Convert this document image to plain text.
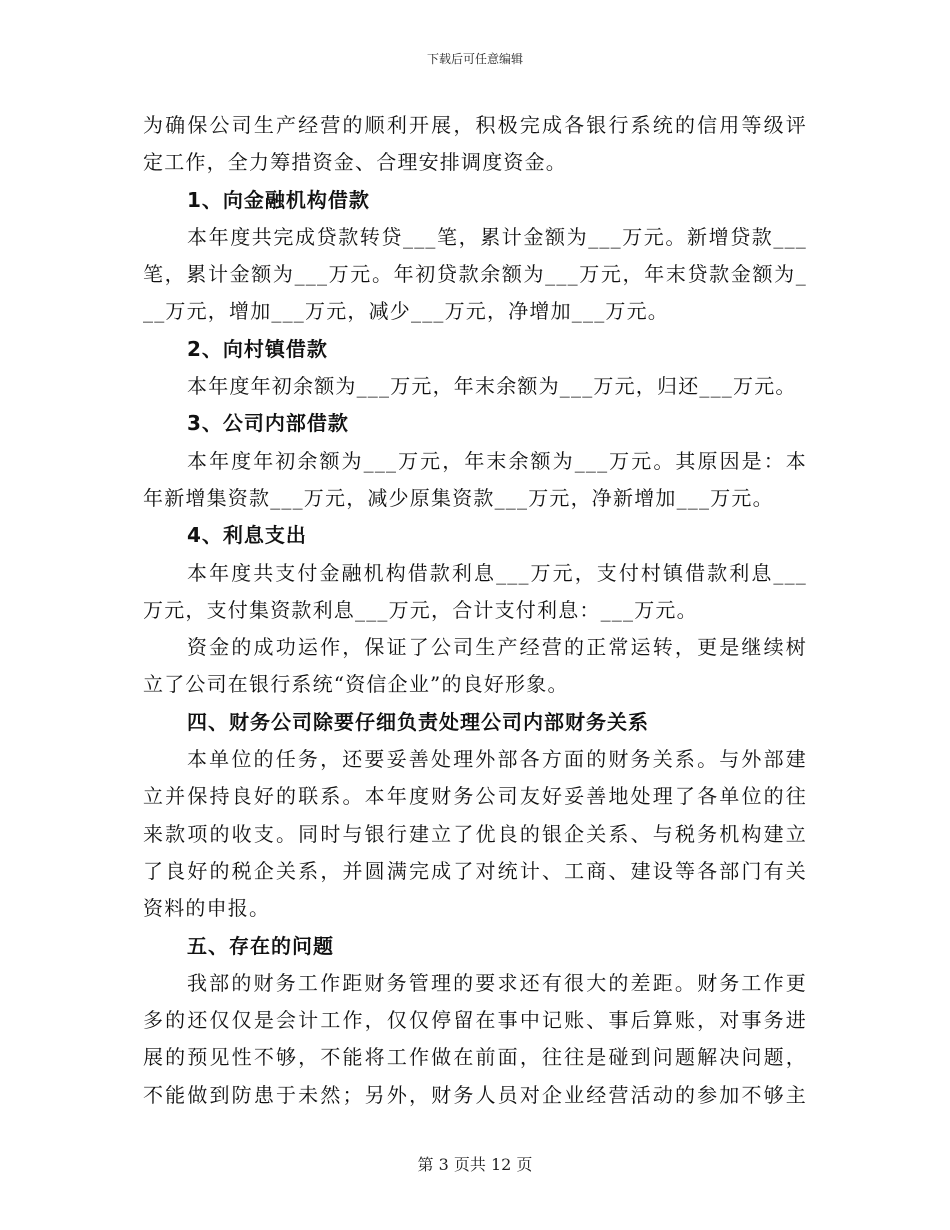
下载后可任意编辑
为确保公司生产经营的顺利开展，积极完成各银行系统的信用等级评
定工作，全力筹措资金、合理安排调度资金。
1、向金融机构借款
本年度共完成贷款转贷___笔，累计金额为___万元。新增贷款___
笔，累计金额为___万元。年初贷款余额为___万元，年末贷款金额为_
__万元，增加___万元，减少___万元，净增加___万元。
2、向村镇借款
本年度年初余额为___万元，年末余额为___万元，归还___万元。
3、公司内部借款
本年度年初余额为___万元，年末余额为___万元。其原因是：本
年新增集资款___万元，减少原集资款___万元，净新增加___万元。
4、利息支出
本年度共支付金融机构借款利息___万元，支付村镇借款利息___
万元，支付集资款利息___万元，合计支付利息：___万元。
资金的成功运作，保证了公司生产经营的正常运转，更是继续树
立了公司在银行系统“资信企业”的良好形象。
四、财务公司除要仔细负责处理公司内部财务关系
本单位的任务，还要妥善处理外部各方面的财务关系。与外部建
立并保持良好的联系。本年度财务公司友好妥善地处理了各单位的往
来款项的收支。同时与银行建立了优良的银企关系、与税务机构建立
了良好的税企关系，并圆满完成了对统计、工商、建设等各部门有关
资料的申报。
五、存在的问题
我部的财务工作距财务管理的要求还有很大的差距。财务工作更
多的还仅仅是会计工作，仅仅停留在事中记账、事后算账，对事务进
展的预见性不够，不能将工作做在前面，往往是碰到问题解决问题，
不能做到防患于未然；另外，财务人员对企业经营活动的参加不够主
第 3 页共 12 页
